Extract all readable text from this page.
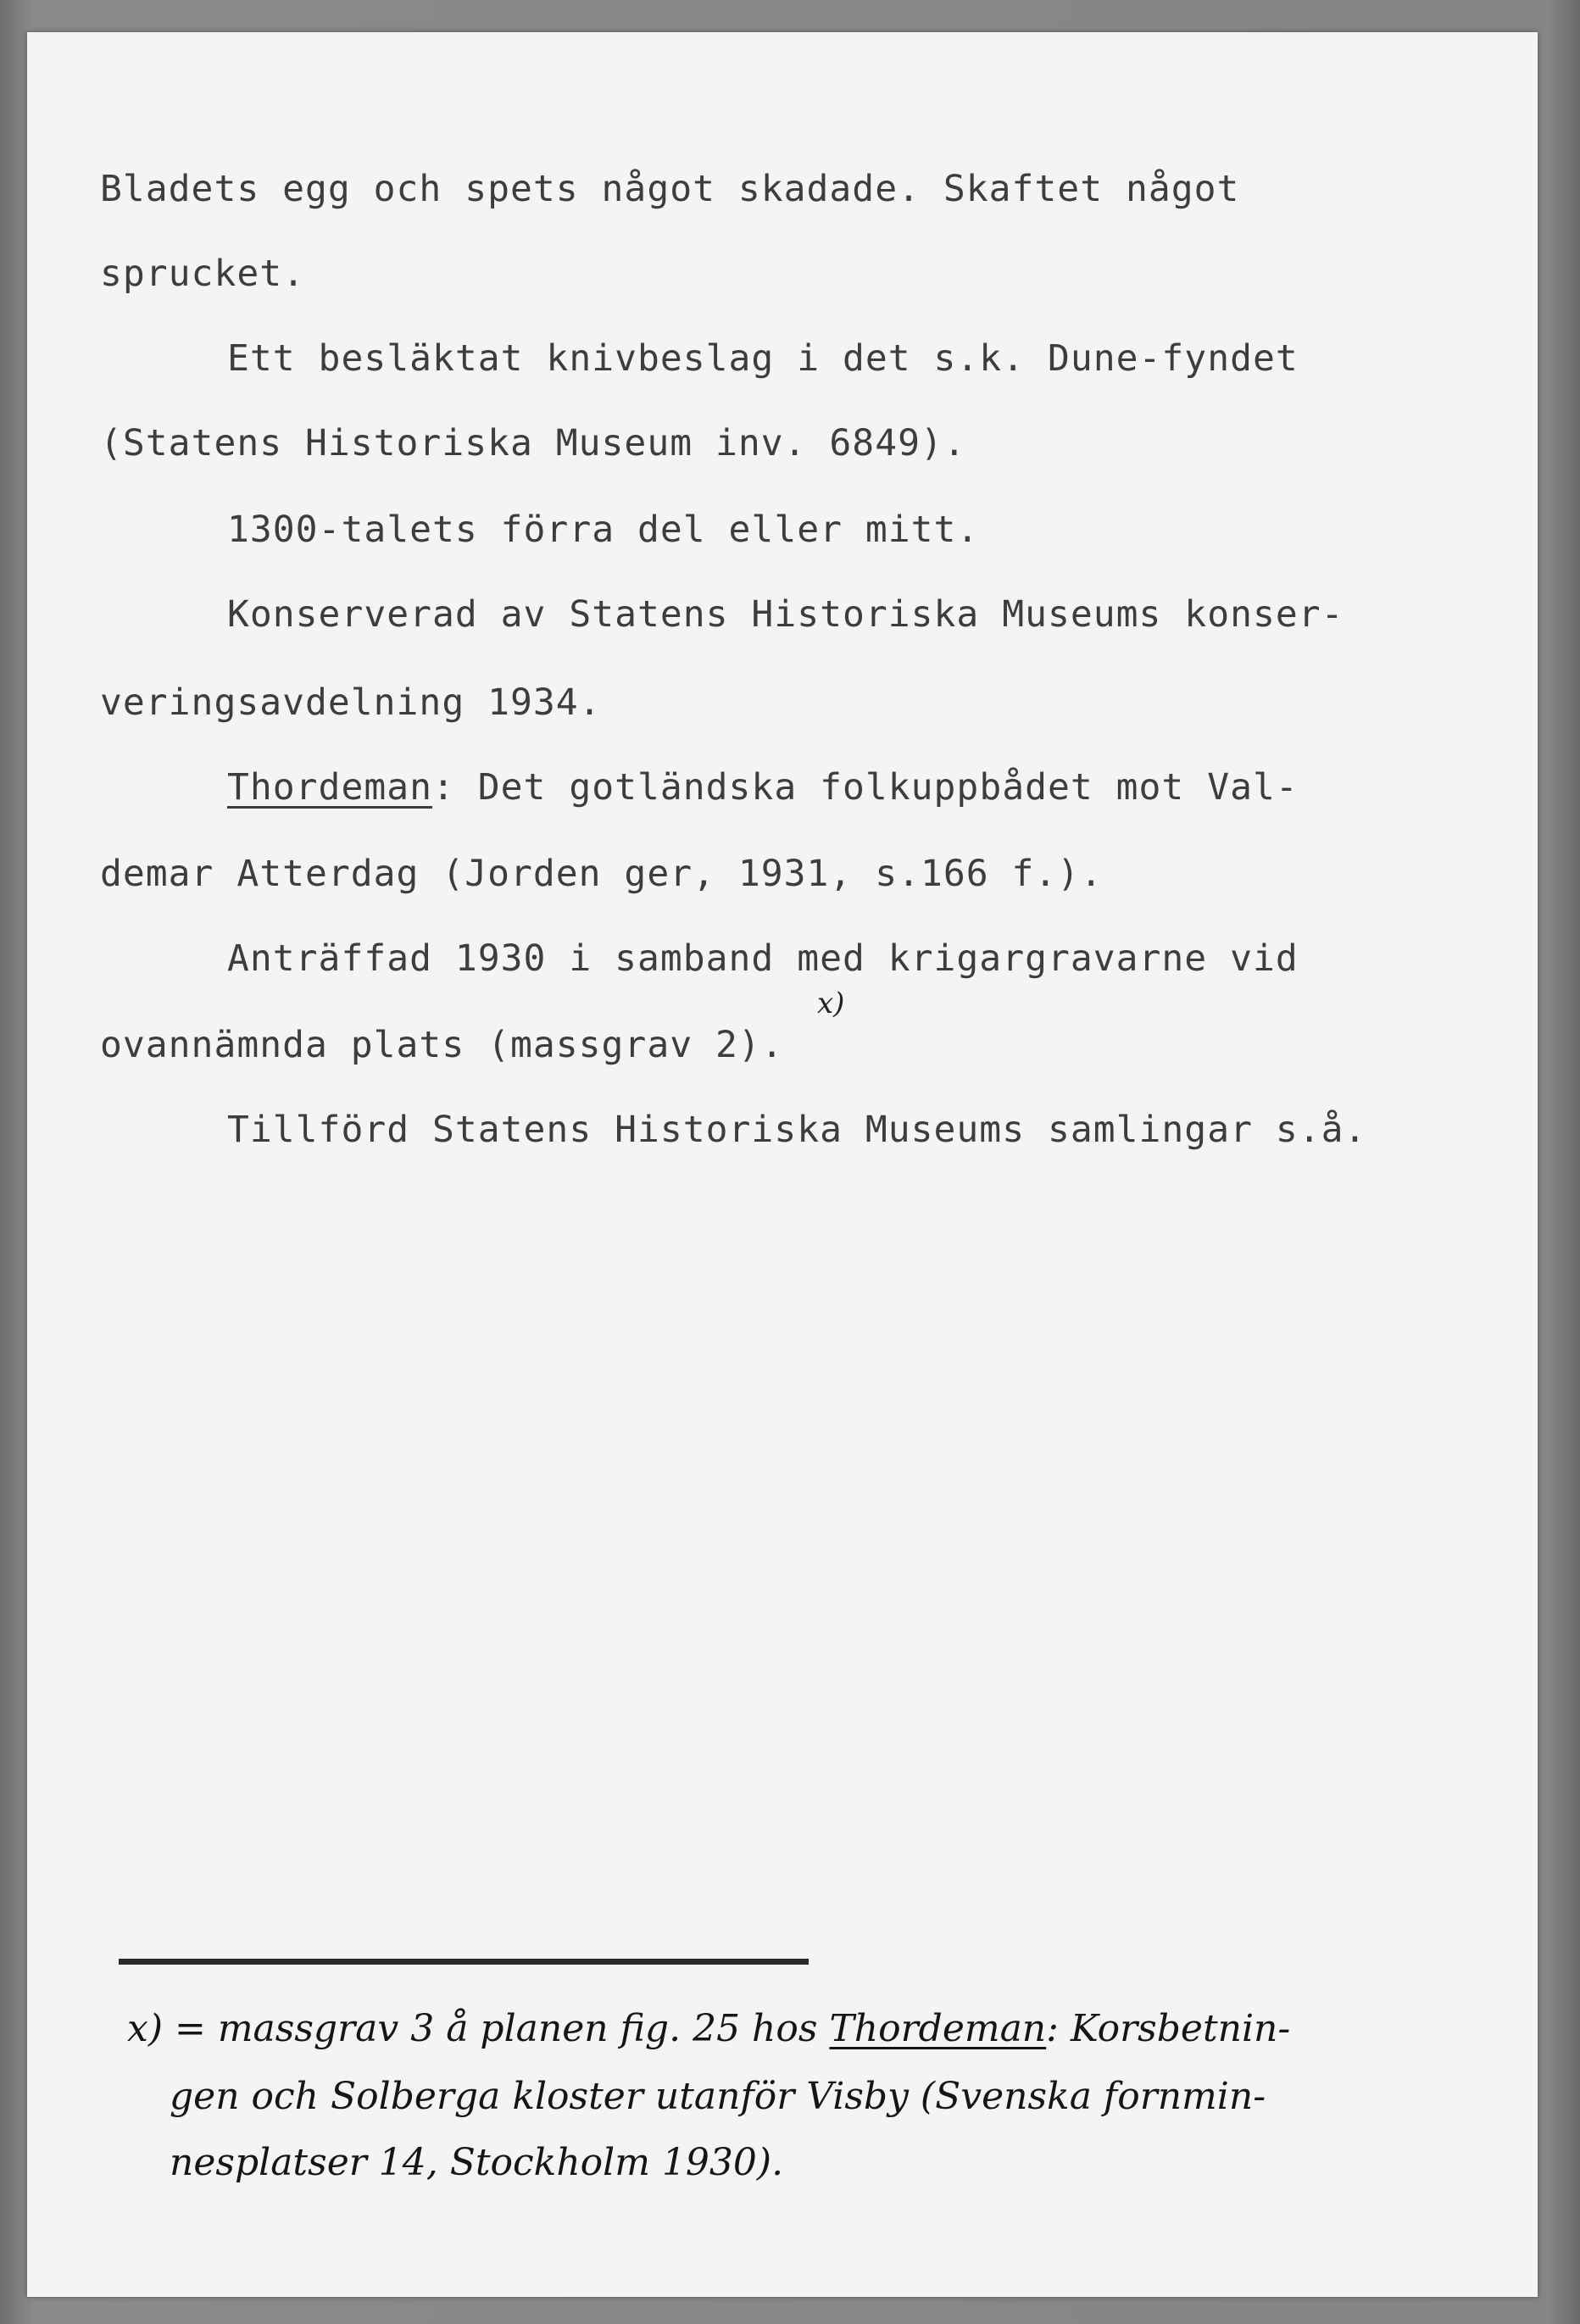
Bladets egg och spets något skadade. Skaftet något
sprucket.
Ett besläktat knivbeslag i det s.k. Dune-fyndet
(Statens Historiska Museum inv. 6849).
1300-talets förra del eller mitt.
Konserverad av Statens Historiska Museums konser-
veringsavdelning 1934.
Thordeman: Det gotländska folkuppbådet mot Val-
demar Atterdag (Jorden ger, 1931, s.166 f.).
Anträffad 1930 i samband med krigargravarne vid
x)
ovannämnda plats (massgrav 2).
Tillförd Statens Historiska Museums samlingar s.å.
x) = massgrav 3 å planen fig. 25 hos Thordeman: Korsbetnin-
gen och Solberga kloster utanför Visby (Svenska fornmin-
nesplatser 14, Stockholm 1930).
